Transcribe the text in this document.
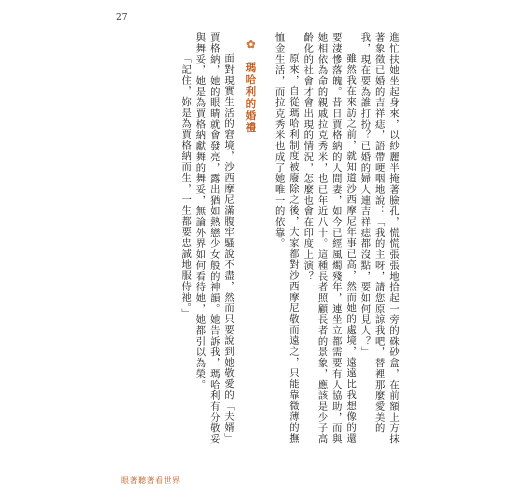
27

進忙扶她坐起身來，以紗麗半掩著臉孔，慌慌張張地拾起一旁的硃砂盒，在前額上方抹著象徵已婚的吉祥痣，語帶哽咽地說：「我的主呀，請您原諒我吧，替裡那麼愛美的我，現在要為誰打扮？已婚的婦人連吉祥痣都沒點，要如何見人？」

雖然我在來訪之前，就知道沙西摩尼年事已高，然而她的處境，遠遠比我想像的還要淒慘落魄。昔日賈格納的人間妻，如今已經風燭殘年，連坐立都需要有人協助，而與她相依為命的親戚拉克秀米，也已年近八十。這種長者照顧長者的景象，應該是少子高齡化的社會才會出現的情況，怎麼也會在印度上演？

原來，自從瑪哈利制度被廢除之後，大家都對沙西摩尼敬而遠之，只能靠微薄的撫恤金生活，而拉克秀米也成了她唯一的依靠。

✿ 瑪哈利的婚禮

面對現實生活的窘境，沙西摩尼滿腹牢騷說不盡，然而只要說到她敬愛的「夫婿」賈格納，她的眼睛就會發亮，露出猶如熱戀少女般的神韻。她告訴我，瑪哈利有分敬妥與舞妥，她是為賈格納獻舞的舞妥，無論外界如何看待她，她都引以為榮。

「記住，妳是為賈格納而生，一生都要忠誠地服侍祂。」

眼著聽著看世界
